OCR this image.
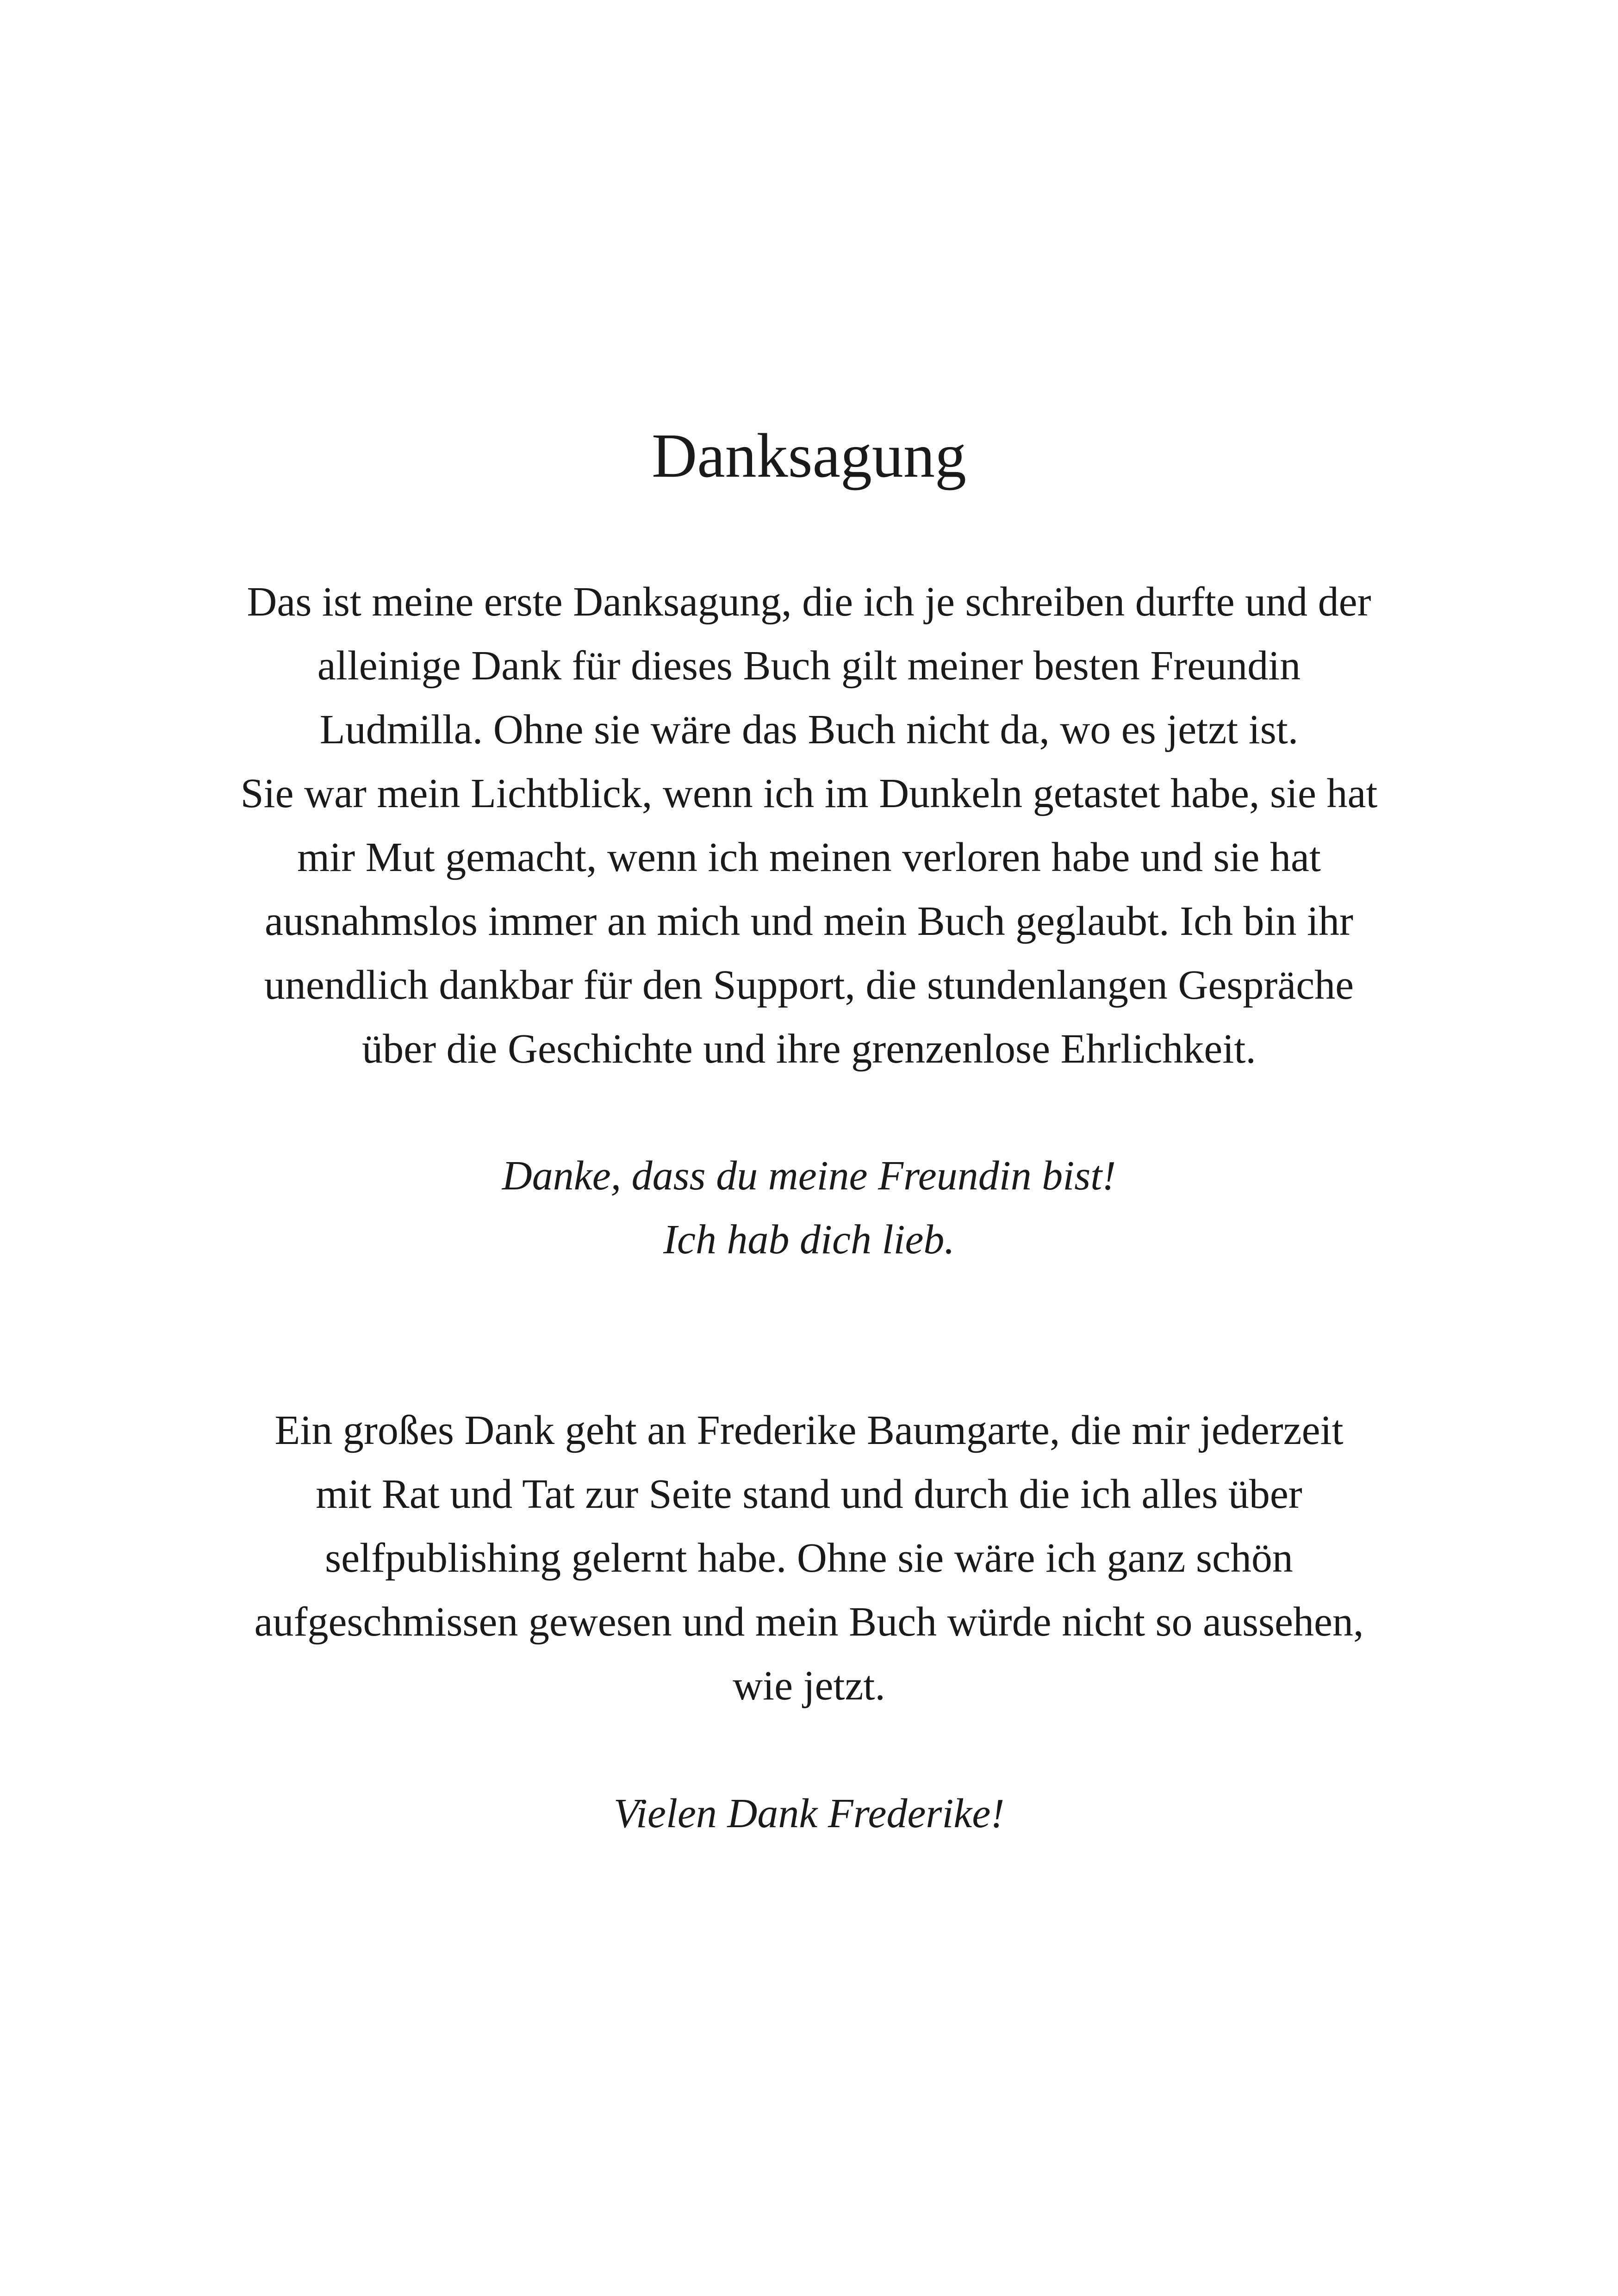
Danksagung

Das ist meine erste Danksagung, die ich je schreiben durfte und der
alleinige Dank für dieses Buch gilt meiner besten Freundin
Ludmilla. Ohne sie wäre das Buch nicht da, wo es jetzt ist.
Sie war mein Lichtblick, wenn ich im Dunkeln getastet habe, sie hat
mir Mut gemacht, wenn ich meinen verloren habe und sie hat
ausnahmslos immer an mich und mein Buch geglaubt. Ich bin ihr
unendlich dankbar für den Support, die stundenlangen Gespräche
über die Geschichte und ihre grenzenlose Ehrlichkeit.

Danke, dass du meine Freundin bist!
Ich hab dich lieb.

Ein großes Dank geht an Frederike Baumgarte, die mir jederzeit
mit Rat und Tat zur Seite stand und durch die ich alles über
selfpublishing gelernt habe. Ohne sie wäre ich ganz schön
aufgeschmissen gewesen und mein Buch würde nicht so aussehen,
wie jetzt.

Vielen Dank Frederike!
